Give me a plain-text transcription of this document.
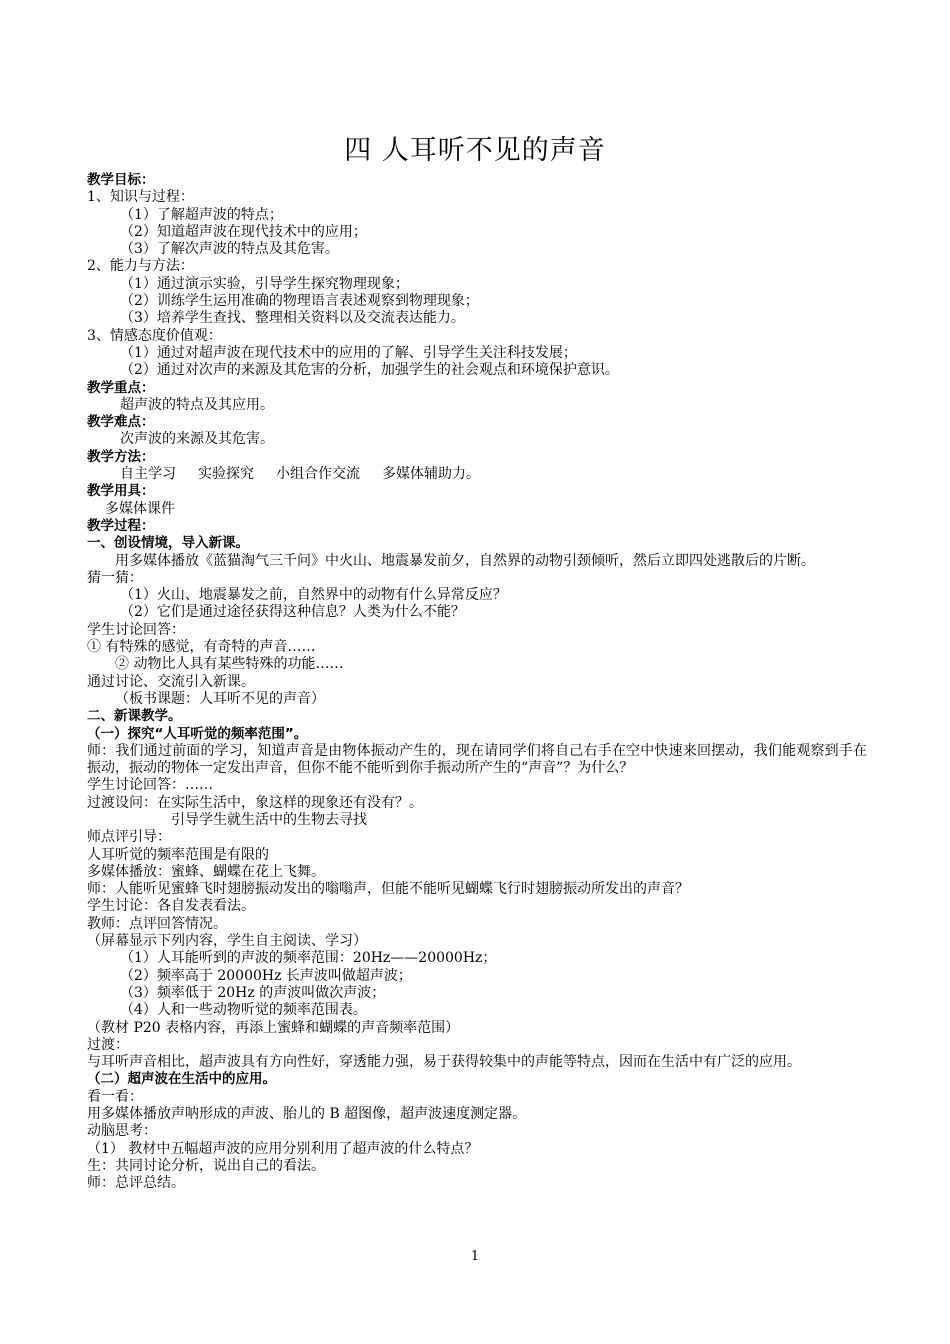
四 人耳听不见的声音
教学目标：
1、知识与过程：
（1）了解超声波的特点；
（2）知道超声波在现代技术中的应用；
（3）了解次声波的特点及其危害。
2、能力与方法：
（1）通过演示实验，引导学生探究物理现象；
（2）训练学生运用准确的物理语言表述观察到物理现象；
（3）培养学生查找、整理相关资料以及交流表达能力。
3、情感态度价值观：
（1）通过对超声波在现代技术中的应用的了解、引导学生关注科技发展；
（2）通过对次声的来源及其危害的分析，加强学生的社会观点和环境保护意识。
教学重点：
超声波的特点及其应用。
教学难点：
次声波的来源及其危害。
教学方法：
自主学习 实验探究 小组合作交流 多媒体辅助力。
教学用具：
多媒体课件
教学过程：
一、创设情境，导入新课。
用多媒体播放《蓝猫淘气三千问》中火山、地震暴发前夕，自然界的动物引颈倾听，然后立即四处逃散后的片断。
猜一猜：
（1）火山、地震暴发之前，自然界中的动物有什么异常反应？
（2）它们是通过途径获得这种信息？人类为什么不能？
学生讨论回答：
① 有特殊的感觉，有奇特的声音……
② 动物比人具有某些特殊的功能……
通过讨论、交流引入新课。
（板书课题：人耳听不见的声音）
二、新课教学。
（一）探究“人耳听觉的频率范围”。
师：我们通过前面的学习，知道声音是由物体振动产生的，现在请同学们将自己右手在空中快速来回摆动，我们能观察到手在振动，振动的物体一定发出声音，但你不能不能听到你手振动所产生的“声音”？为什么？
学生讨论回答：……
过渡设问：在实际生活中，象这样的现象还有没有？。
引导学生就生活中的生物去寻找
师点评引导：
人耳听觉的频率范围是有限的
多媒体播放：蜜蜂、蝴蝶在花上飞舞。
师：人能听见蜜蜂飞时翅膀振动发出的嗡嗡声，但能不能听见蝴蝶飞行时翅膀振动所发出的声音？
学生讨论：各自发表看法。
教师：点评回答情况。
（屏幕显示下列内容，学生自主阅读、学习）
（1）人耳能听到的声波的频率范围：20Hz——20000Hz；
（2）频率高于 20000Hz 长声波叫做超声波；
（3）频率低于 20Hz 的声波叫做次声波；
（4）人和一些动物听觉的频率范围表。
（教材 P20 表格内容，再添上蜜蜂和蝴蝶的声音频率范围）
过渡：
与耳听声音相比，超声波具有方向性好，穿透能力强，易于获得较集中的声能等特点，因而在生活中有广泛的应用。
（二）超声波在生活中的应用。
看一看：
用多媒体播放声呐形成的声波、胎儿的 B 超图像，超声波速度测定器。
动脑思考：
（1） 教材中五幅超声波的应用分别利用了超声波的什么特点？
生：共同讨论分析，说出自己的看法。
师：总评总结。
1
